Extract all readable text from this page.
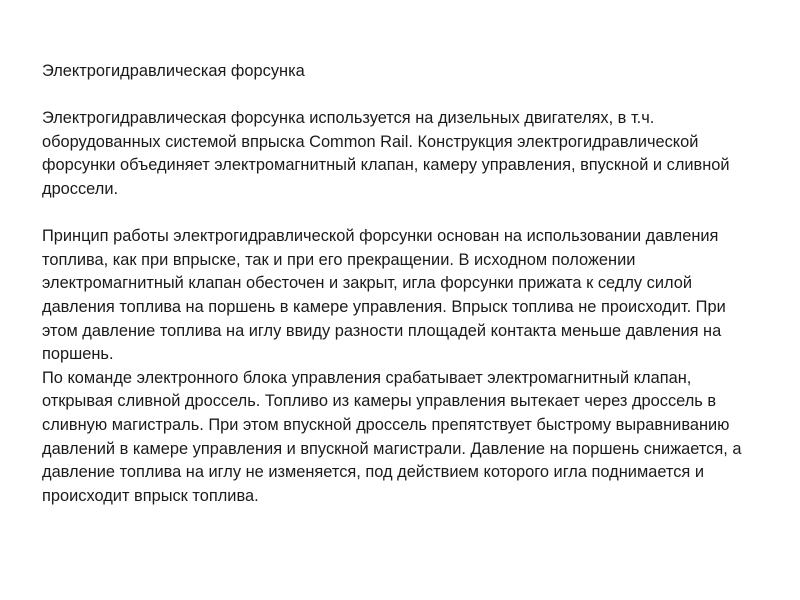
Электрогидравлическая форсунка

Электрогидравлическая форсунка используется на дизельных двигателях, в т.ч. оборудованных системой впрыска Common Rail. Конструкция электрогидравлической форсунки объединяет электромагнитный клапан, камеру управления, впускной и сливной дроссели.

Принцип работы электрогидравлической форсунки основан на использовании давления топлива, как при впрыске, так и при его прекращении. В исходном положении электромагнитный клапан обесточен и закрыт, игла форсунки прижата к седлу силой давления топлива на поршень в камере управления. Впрыск топлива не происходит. При этом давление топлива на иглу ввиду разности площадей контакта меньше давления на поршень.

По команде электронного блока управления срабатывает электромагнитный клапан, открывая сливной дроссель. Топливо из камеры управления вытекает через дроссель в сливную магистраль. При этом впускной дроссель препятствует быстрому выравниванию давлений в камере управления и впускной магистрали. Давление на поршень снижается, а давление топлива на иглу не изменяется, под действием которого игла поднимается и происходит впрыск топлива.
